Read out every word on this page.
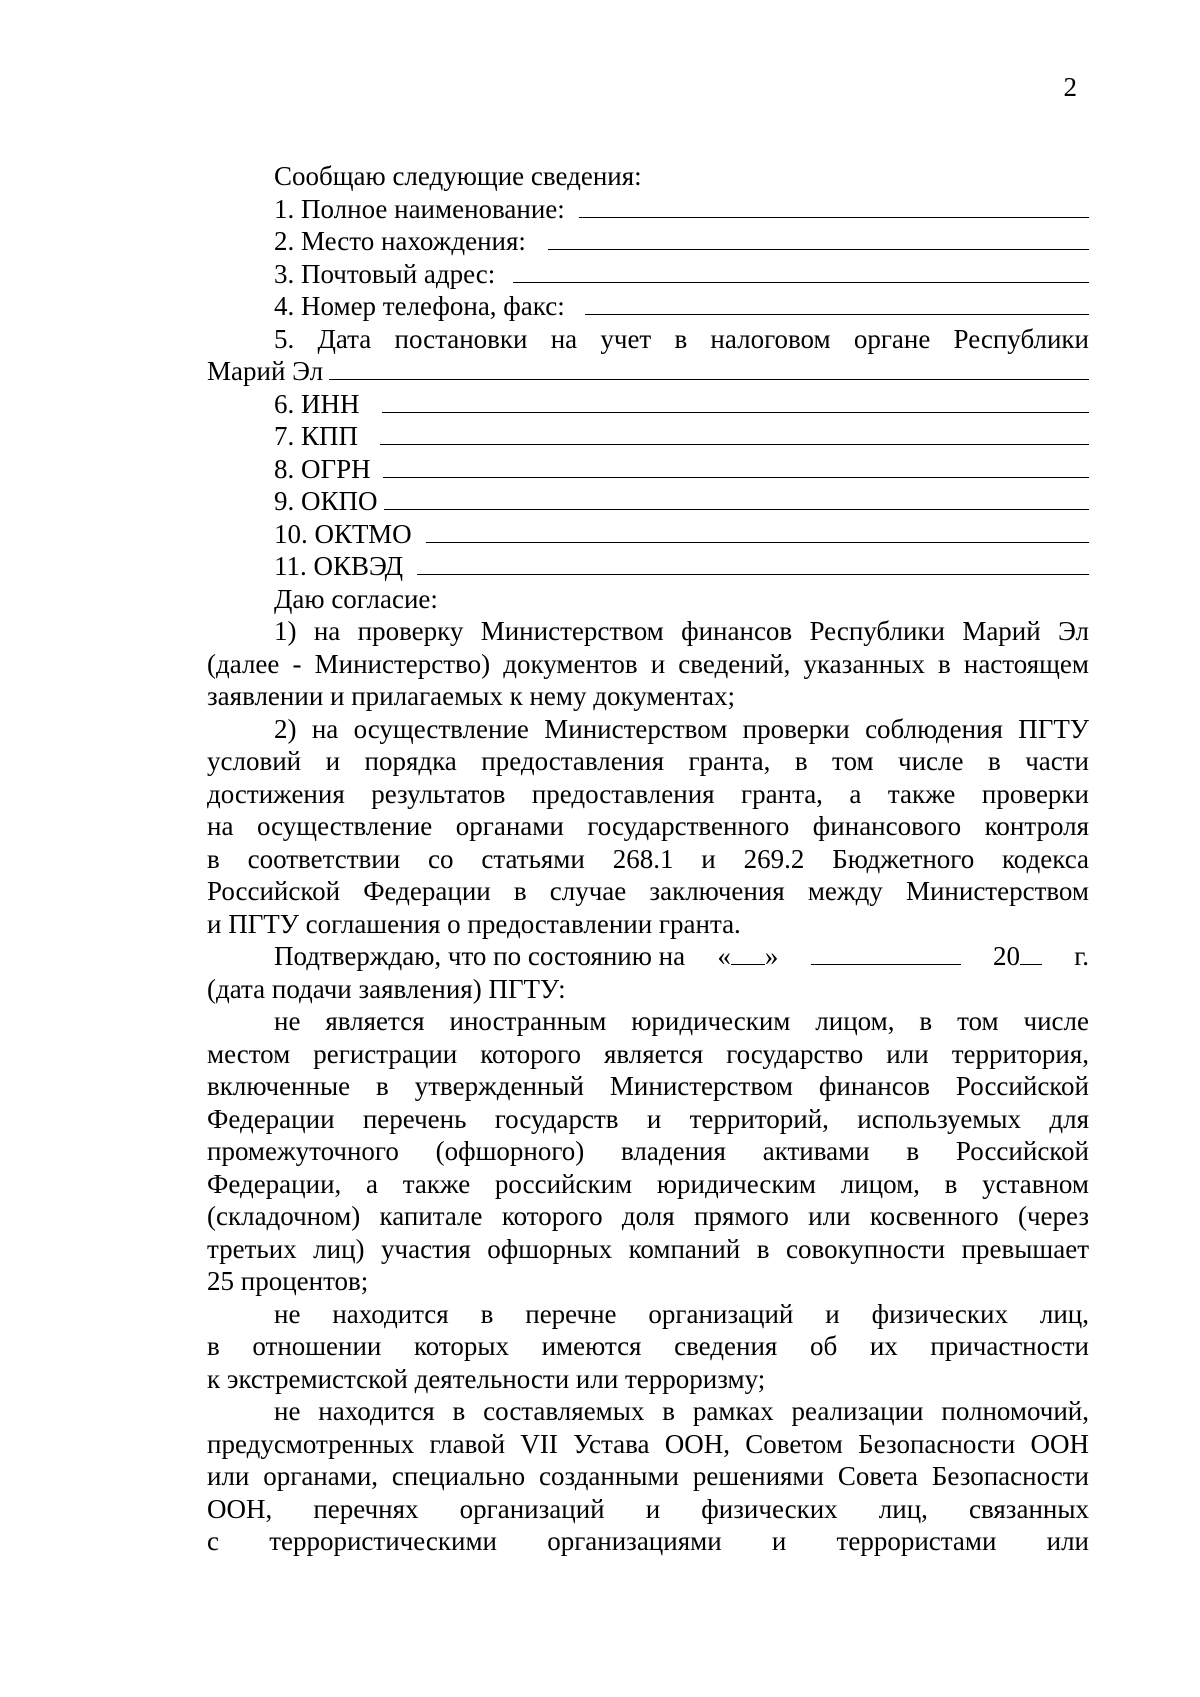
2
Сообщаю следующие сведения:
1. Полное наименование:
2. Место нахождения:
3. Почтовый адрес:
4. Номер телефона, факс:
5. Дата постановки на учет в налоговом органе Республики
Марий Эл
6. ИНН
7. КПП
8. ОГРН
9. ОКПО
10. ОКТМО
11. ОКВЭД
Даю согласие:
1) на проверку Министерством финансов Республики Марий Эл
(далее - Министерство) документов и сведений, указанных в настоящем
заявлении и прилагаемых к нему документах;
2) на осуществление Министерством проверки соблюдения ПГТУ
условий и порядка предоставления гранта, в том числе в части
достижения результатов предоставления гранта, а также проверки
на осуществление органами государственного финансового контроля
в соответствии со статьями 268.1 и 269.2 Бюджетного кодекса
Российской Федерации в случае заключения между Министерством
и ПГТУ соглашения о предоставлении гранта.
Подтверждаю, что по состоянию на « »	20	г.
(дата подачи заявления) ПГТУ:
не является иностранным юридическим лицом, в том числе
местом регистрации которого является государство или территория,
включенные в утвержденный Министерством финансов Российской
Федерации перечень государств и территорий, используемых для
промежуточного (офшорного) владения активами в Российской
Федерации, а также российским юридическим лицом, в уставном
(складочном) капитале которого доля прямого или косвенного (через
третьих лиц) участия офшорных компаний в совокупности превышает
25 процентов;
не находится в перечне организаций и физических лиц,
в отношении которых имеются сведения об их причастности
к экстремистской деятельности или терроризму;
не находится в составляемых в рамках реализации полномочий,
предусмотренных главой VII Устава ООН, Советом Безопасности ООН
или органами, специально созданными решениями Совета Безопасности
ООН, перечнях организаций и физических лиц, связанных
с террористическими организациями и террористами или
